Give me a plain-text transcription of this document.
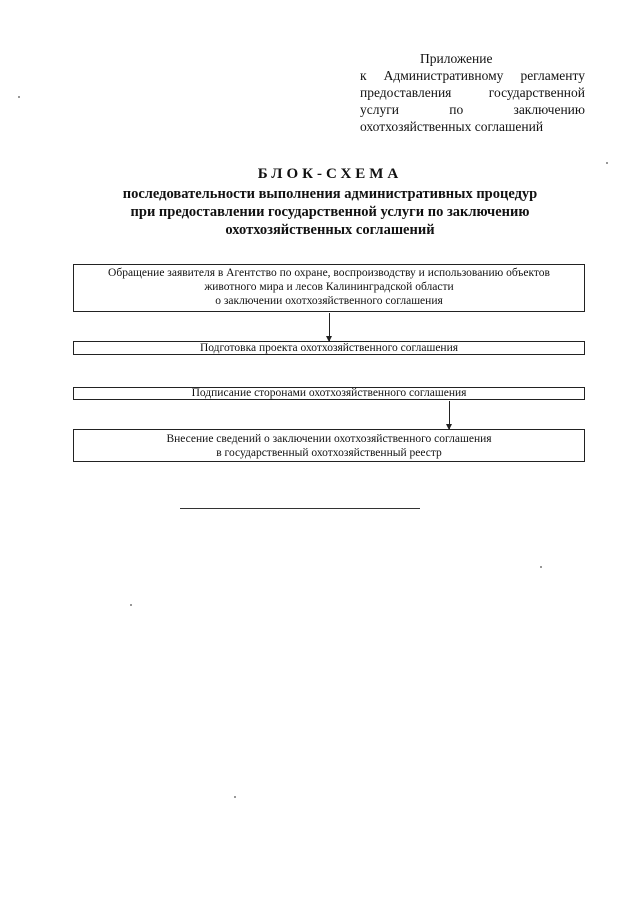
Приложение
к Административному регламенту
предоставления государственной
услуги по заключению
охотхозяйственных соглашений
БЛОК-СХЕМА
последовательности выполнения административных процедур
при предоставлении государственной услуги по заключению
охотхозяйственных соглашений
Обращение заявителя в Агентство по охране, воспроизводству и использованию объектов
животного мира и лесов Калининградской области
о заключении охотхозяйственного соглашения
Подготовка проекта охотхозяйственного соглашения
Подписание сторонами охотхозяйственного соглашения
Внесение сведений о заключении охотхозяйственного соглашения
в государственный охотхозяйственный реестр
